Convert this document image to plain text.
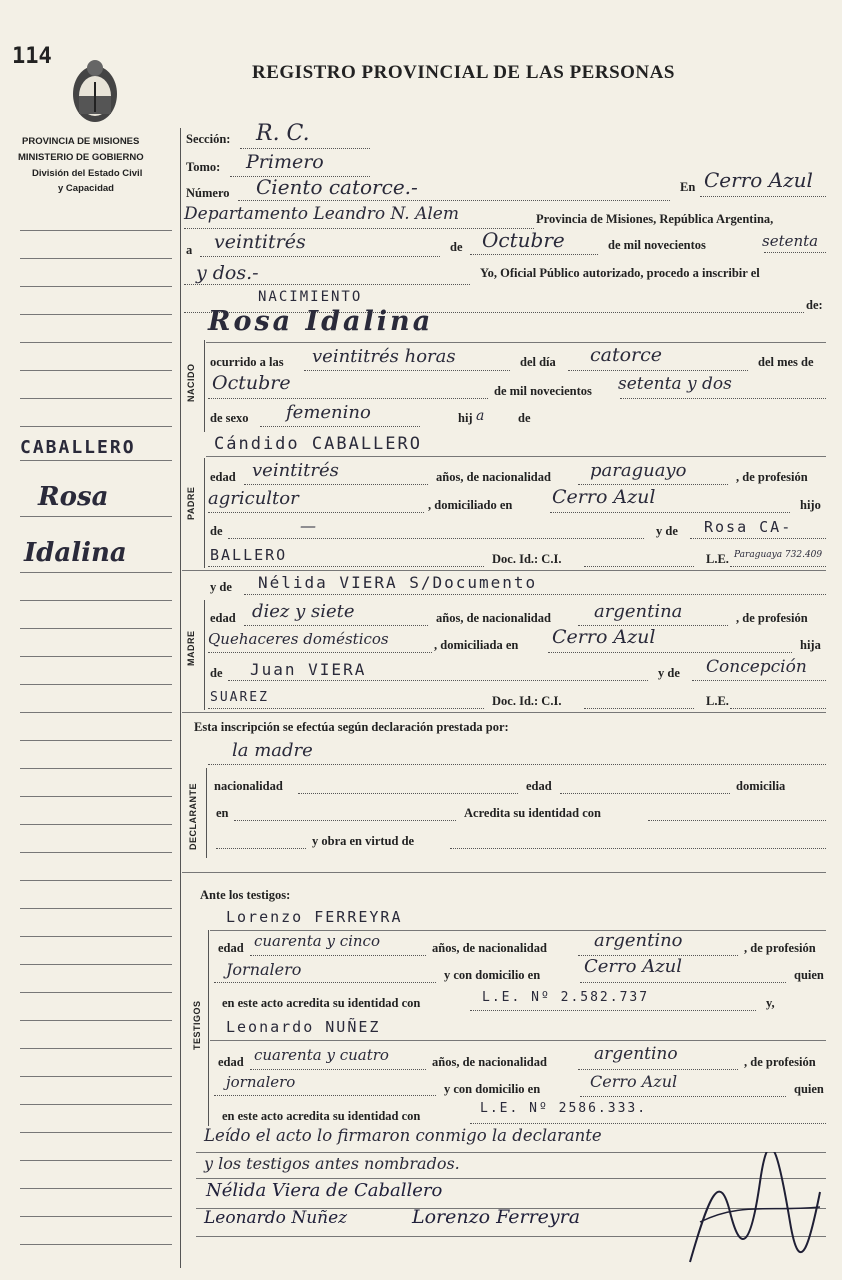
114
REGISTRO PROVINCIAL DE LAS PERSONAS
PROVINCIA DE MISIONES
MINISTERIO DE GOBIERNO
División del Estado Civil
y Capacidad
CABALLERO
Rosa
Idalina
Sección: R. C.
Tomo: Primero
Número Ciento catorce.-	En Cerro Azul
Departamento Leandro N. Alem	Provincia de Misiones, República Argentina,
a veintitrés	de Octubre	de mil novecientos	setenta
y dos.-	Yo, Oficial Público autorizado, procedo a inscribir el
NACIMIENTO	de:
NACIDO
Rosa Idalina
ocurrido a las veintitrés horas	del día catorce	del mes de
Octubre	de mil novecientos setenta y dos
de sexo femenino	hij a	de
PADRE
Cándido CABALLERO
edad veintitrés	años, de nacionalidad paraguayo	, de profesión
agricultor	, domiciliado en Cerro Azul	hijo
de	—	y de Rosa CA-
BALLERO	Doc. Id.: C.I.	L.E. Paraguaya 732.409
MADRE
y de Nélida VIERA S/Documento
edad diez y siete	años, de nacionalidad argentina	, de profesión
Quehaceres domésticos	, domiciliada en Cerro Azul	hija
de Juan VIERA	y de Concepción
SUAREZ	Doc. Id.: C.I.	L.E.
Esta inscripción se efectúa según declaración prestada por:
DECLARANTE
la madre
nacionalidad	edad	domicilia
en	Acredita su identidad con
y obra en virtud de
Ante los testigos:
TESTIGOS
Lorenzo FERREYRA
edad cuarenta y cinco	años, de nacionalidad	argentino	, de profesión
Jornalero	y con domicilio en Cerro Azul	quien
en este acto acredita su identidad con	L.E. Nº 2.582.737	y,
Leonardo NUÑEZ
edad cuarenta y cuatro	años, de nacionalidad	argentino	, de profesión
jornalero	y con domicilio en	Cerro Azul	quien
en este acto acredita su identidad con	L.E. Nº 2586.333.
Leído el acto lo firmaron conmigo la declarante
y los testigos antes nombrados.
Nélida Viera de Caballero
Leonardo Nuñez	Lorenzo Ferreyra
